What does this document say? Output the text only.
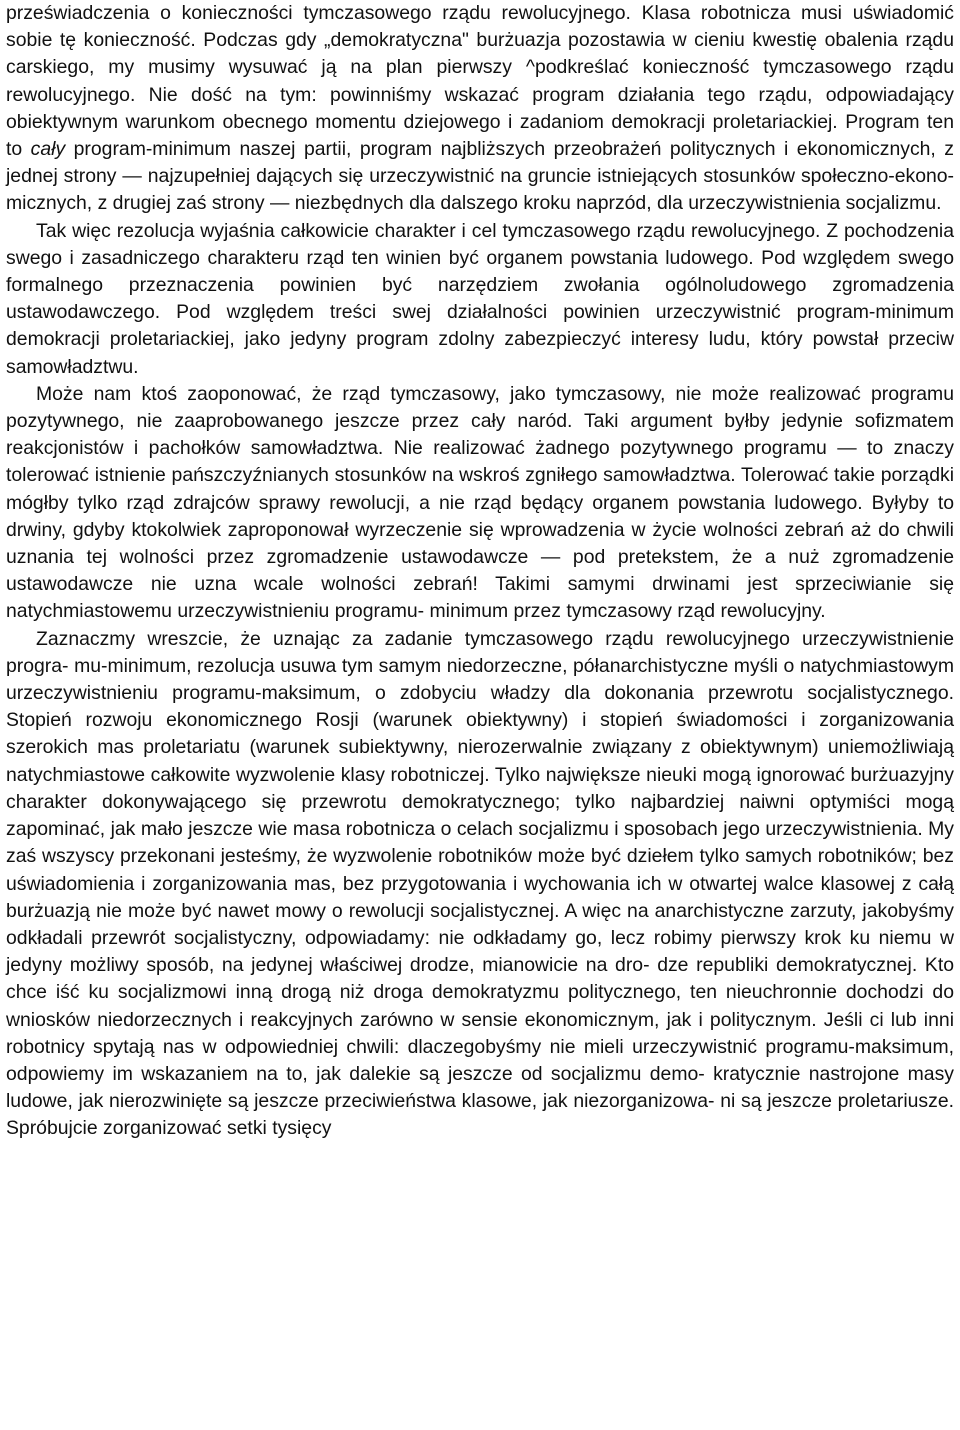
przeświadczenia o konieczności tymczasowego rządu rewolucyjnego. Klasa robotnicza musi uświadomić sobie tę konieczność. Podczas gdy „demokratyczna" burżuazja pozostawia w cieniu kwestię obalenia rządu carskiego, my musimy wysuwać ją na plan pierwszy ^podkreślać konieczność tymczasowego rządu rewolucyjnego. Nie dość na tym: powinniśmy wskazać program działania tego rządu, odpowiadający obiektywnym warunkom obecnego momentu dziejowego i zadaniom demokracji proletariackiej. Program ten to cały program-minimum naszej partii, program najbliższych przeobrażeń politycznych i ekonomicznych, z jednej strony — najzupełniej dających się urzeczywistnić na gruncie istniejących stosunków społeczno-ekono- micznych, z drugiej zaś strony — niezbędnych dla dalszego kroku naprzód, dla urzeczywistnienia socjalizmu.

Tak więc rezolucja wyjaśnia całkowicie charakter i cel tymczasowego rządu rewolucyjnego. Z pochodzenia swego i zasadniczego charakteru rząd ten winien być organem powstania ludowego. Pod względem swego formalnego przeznaczenia powinien być narzędziem zwołania ogólnoludowego zgromadzenia ustawodawczego. Pod względem treści swej działalności powinien urzeczywistnić program-minimum demokracji proletariackiej, jako jedyny program zdolny zabezpieczyć interesy ludu, który powstał przeciw samowładztwu.

Może nam ktoś zaoponować, że rząd tymczasowy, jako tymczasowy, nie może realizować programu pozytywnego, nie zaaprobowanego jeszcze przez cały naród. Taki argument byłby jedynie sofizmatem reakcjonistów i pachołków samowładztwa. Nie realizować żadnego pozytywnego programu — to znaczy tolerować istnienie pańszczyźnianych stosunków na wskroś zgniłego samowładztwa. Tolerować takie porządki mógłby tylko rząd zdrajców sprawy rewolucji, a nie rząd będący organem powstania ludowego. Byłyby to drwiny, gdyby ktokolwiek zaproponował wyrzeczenie się wprowadzenia w życie wolności zebrań aż do chwili uznania tej wolności przez zgromadzenie ustawodawcze — pod pretekstem, że a nuż zgromadzenie ustawodawcze nie uzna wcale wolności zebrań! Takimi samymi drwinami jest sprzeciwianie się natychmiastowemu urzeczywistnieniu programu- minimum przez tymczasowy rząd rewolucyjny.

Zaznaczmy wreszcie, że uznając za zadanie tymczasowego rządu rewolucyjnego urzeczywistnienie progra- mu-minimum, rezolucja usuwa tym samym niedorzeczne, półanarchistyczne myśli o natychmiastowym urzeczywistnieniu programu-maksimum, o zdobyciu władzy dla dokonania przewrotu socjalistycznego. Stopień rozwoju ekonomicznego Rosji (warunek obiektywny) i stopień świadomości i zorganizowania szerokich mas proletariatu (warunek subiektywny, nierozerwalnie związany z obiektywnym) uniemożliwiają natychmiastowe całkowite wyzwolenie klasy robotniczej. Tylko największe nieuki mogą ignorować burżuazyjny charakter dokonywającego się przewrotu demokratycznego; tylko najbardziej naiwni optymiści mogą zapominać, jak mało jeszcze wie masa robotnicza o celach socjalizmu i sposobach jego urzeczywistnienia. My zaś wszyscy przekonani jesteśmy, że wyzwolenie robotników może być dziełem tylko samych robotników; bez uświadomienia i zorganizowania mas, bez przygotowania i wychowania ich w otwartej walce klasowej z całą burżuazją nie może być nawet mowy o rewolucji socjalistycznej. A więc na anarchistyczne zarzuty, jakobyśmy odkładali przewrót socjalistyczny, odpowiadamy: nie odkładamy go, lecz robimy pierwszy krok ku niemu w jedyny możliwy sposób, na jedynej właściwej drodze, mianowicie na dro- dze republiki demokratycznej. Kto chce iść ku socjalizmowi inną drogą niż droga demokratyzmu politycznego, ten nieuchronnie dochodzi do wniosków niedorzecznych i reakcyjnych zarówno w sensie ekonomicznym, jak i politycznym. Jeśli ci lub inni robotnicy spytają nas w odpowiedniej chwili: dlaczegobyśmy nie mieli urzeczywistnić programu-maksimum, odpowiemy im wskazaniem na to, jak dalekie są jeszcze od socjalizmu demo- kratycznie nastrojone masy ludowe, jak nierozwinięte są jeszcze przeciwieństwa klasowe, jak niezorganizowa- ni są jeszcze proletariusze. Spróbujcie zorganizować setki tysięcy
